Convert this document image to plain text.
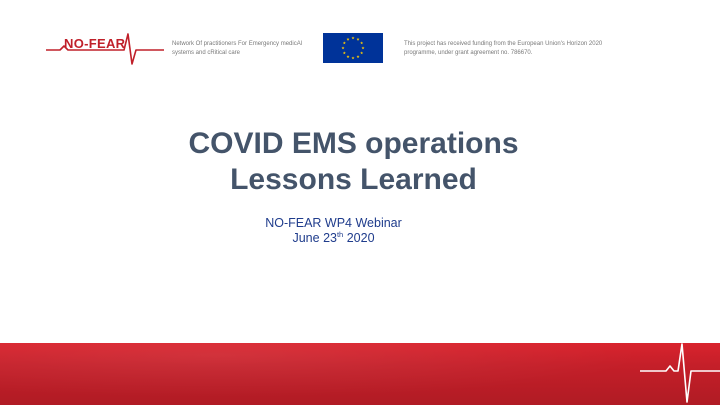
NO-FEAR	Network Of practitioners For Emergency medicAl systems and cRitical care
This project has received funding from the European Union's Horizon 2020 programme, under grant agreement no. 786670.
COVID EMS operations
Lessons Learned
NO-FEAR WP4 Webinar
June 23th 2020
